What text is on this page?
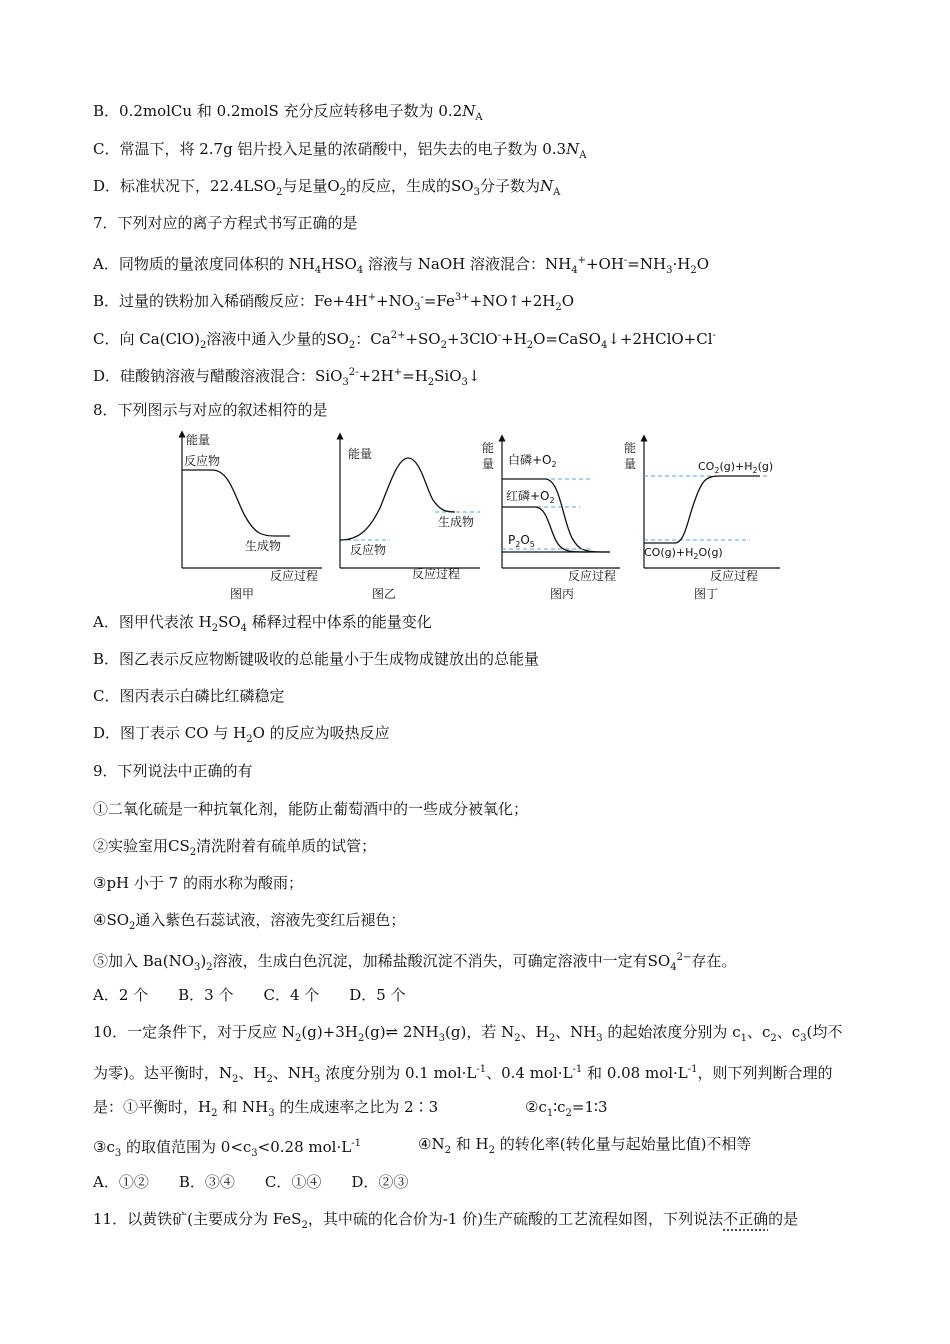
B．0.2molCu 和 0.2molS 充分反应转移电子数为 $0.2N_A$
C．常温下，将 2.7g 铝片投入足量的浓硝酸中，铝失去的电子数为 $0.3N_A$
D．标准状况下，$22.4LSO_2$与足量$O_2$的反应，生成的$SO_3$分子数为$N_A$
7．下列对应的离子方程式书写正确的是
A．同物质的量浓度同体积的 $NH_4HSO_4$ 溶液与 NaOH 溶液混合：$NH_4^++OH^-=NH_3\cdot H_2O$
B．过量的铁粉加入稀硝酸反应：$Fe+4H^++NO_3^-=Fe^{3+}+NO↑+2H_2O$
C．向 $Ca(ClO)_2$溶液中通入少量的$SO_2$：$Ca^{2+}+SO_2+3ClO^-+H_2O=CaSO_4↓+2HClO+Cl^-$
D．硅酸钠溶液与醋酸溶液混合：$SiO_3^{2-}+2H^+=H_2SiO_3↓$
8．下列图示与对应的叙述相符的是
能量
反应物
生成物
反应过程
图甲
能量
反应物
生成物
反应过程
图乙
能
量 白磷$+O_2$
红磷$+O_2$
$P_2O_5$
反应过程
图丙
能
量	$CO_2(g)+H_2(g)$
$CO(g)+H_2O(g)$
反应过程
图丁
A．图甲代表浓 $H_2SO_4$ 稀释过程中体系的能量变化
B．图乙表示反应物断键吸收的总能量小于生成物成键放出的总能量
C．图丙表示白磷比红磷稳定
D．图丁表示 CO 与 $H_2O$ 的反应为吸热反应
9．下列说法中正确的有
①二氧化硫是一种抗氧化剂，能防止葡萄酒中的一些成分被氧化；
②实验室用$CS_2$清洗附着有硫单质的试管；
③pH 小于 7 的雨水称为酸雨；
$④SO_2$通入紫色石蕊试液，溶液先变红后褪色；
⑤加入 $Ba(NO_3)_2$溶液，生成白色沉淀，加稀盐酸沉淀不消失，可确定溶液中一定有$SO_4^{2-}$存在。
A．2 个　　B．3 个　　C．4 个　　D．5 个
10．一定条件下，对于反应 $N_2(g)+3H_2(g)\rightleftharpoons$ $2NH_3(g)$，若 $N_2$、$H_2$、$NH_3$ 的起始浓度分别为 $c_1$、$c_2$、$c_3$(均不
为零)。达平衡时，$N_2$、$H_2$、$NH_3$ 浓度分别为 0.1 $mol\cdot L^{-1}$、0.4 $mol\cdot L^{-1}$ 和 0.08 $mol\cdot L^{-1}$，则下列判断合理的
是：①平衡时，$H_2$ 和 $NH_3$ 的生成速率之比为 2∶3	$②c_1∶c_2=1∶3$
$③c_3$ 的取值范围为 $0<c_3<0.28$ $mol\cdot L^{-1}$	$④N_2$ 和 $H_2$ 的转化率(转化量与起始量比值)不相等
A．①②　　B．③④　　C．①④　　D．②③
11．以黄铁矿(主要成分为 FeS$_2$，其中硫的化合价为-1 价)生产硫酸的工艺流程如图，下列说法不正确的是
